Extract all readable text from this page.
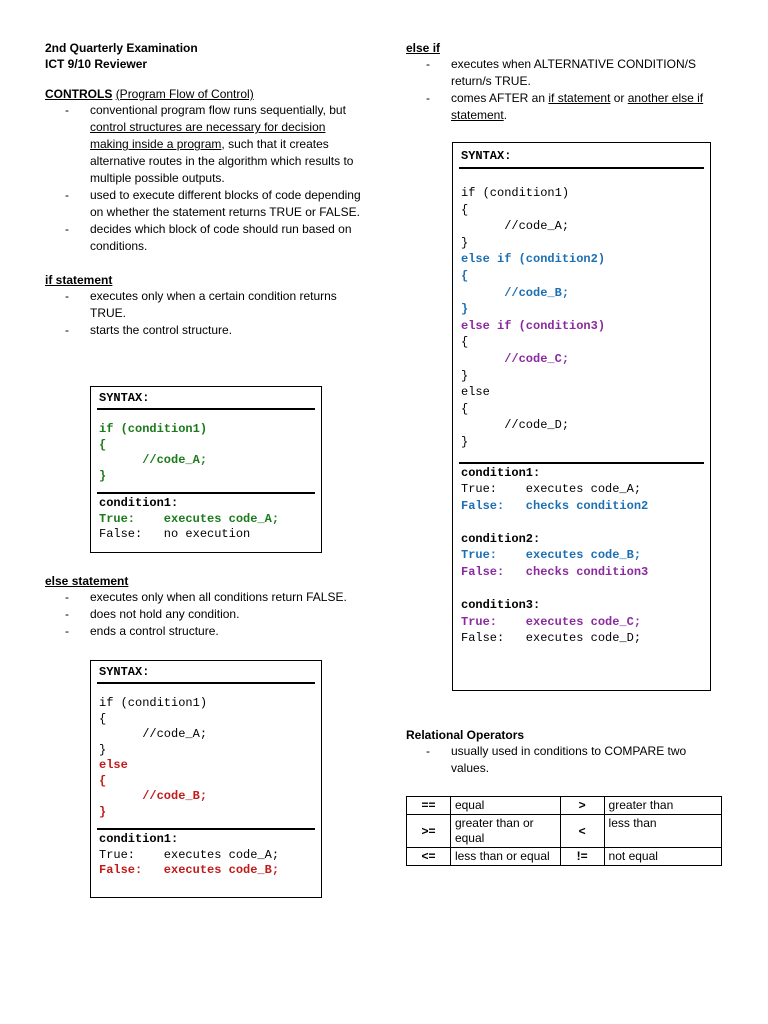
2nd Quarterly Examination
ICT 9/10 Reviewer
CONTROLS (Program Flow of Control)
- conventional program flow runs sequentially, but control structures are necessary for decision making inside a program, such that it creates alternative routes in the algorithm which results to multiple possible outputs.
- used to execute different blocks of code depending on whether the statement returns TRUE or FALSE.
- decides which block of code should run based on conditions.
if statement
- executes only when a certain condition returns TRUE.
- starts the control structure.
SYNTAX:
if (condition1)
{
//code_A;
}
condition1:
True:    executes code_A;
False:   no execution
else statement
- executes only when all conditions return FALSE.
- does not hold any condition.
- ends a control structure.
SYNTAX:
if (condition1)
{
//code_A;
}
else
{
//code_B;
}
condition1:
True:    executes code_A;
False:   executes code_B;
else if
- executes when ALTERNATIVE CONDITION/S return/s TRUE.
- comes AFTER an if statement or another else if statement.
SYNTAX:
if (condition1)
{
//code_A;
}
else if (condition2)
{
//code_B;
}
else if (condition3)
{
//code_C;
}
else
{
//code_D;
}
condition1:
True:    executes code_A;
False:   checks condition2
condition2:
True:    executes code_B;
False:   checks condition3
condition3:
True:    executes code_C;
False:   executes code_D;
Relational Operators
- usually used in conditions to COMPARE two values.
==	equal	>	greater than
>=	greater than or equal	<	less than
<=	less than or equal	!=	not equal
